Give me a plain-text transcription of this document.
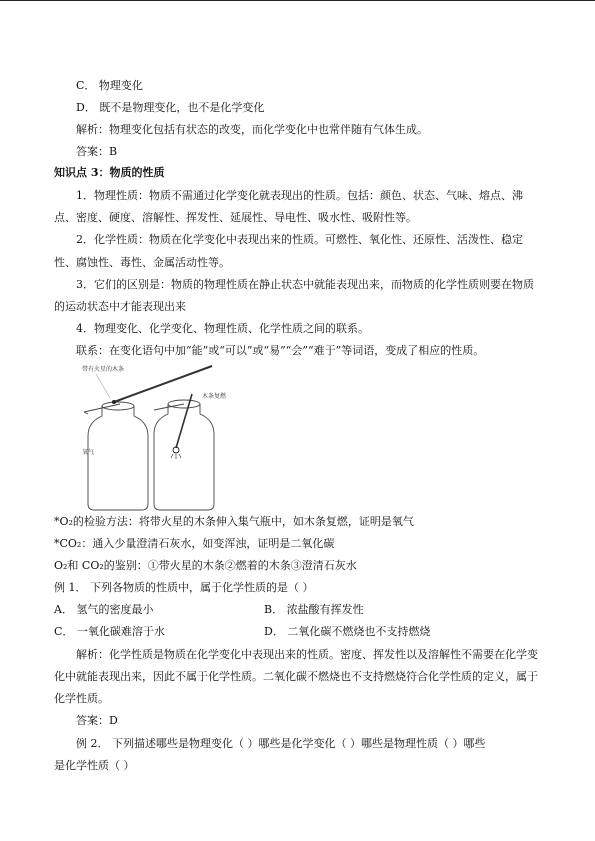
C． 物理变化
D． 既不是物理变化，也不是化学变化
解析：物理变化包括有状态的改变，而化学变化中也常伴随有气体生成。
答案：B
知识点 3：物质的性质
1．物理性质：物质不需通过化学变化就表现出的性质。包括：颜色、状态、气味、熔点、沸
点、密度、硬度、溶解性、挥发性、延展性、导电性、吸水性、吸附性等。
2．化学性质：物质在化学变化中表现出来的性质。可燃性、氧化性、还原性、活泼性、稳定
性、腐蚀性、毒性、金属活动性等。
3．它们的区别是：物质的物理性质在静止状态中就能表现出来，而物质的化学性质则要在物质
的运动状态中才能表现出来
4．物理变化、化学变化、物理性质、化学性质之间的联系。
联系：在变化语句中加“能”或“可以”或“易”“会”“难于”等词语，变成了相应的性质。
带有火星的木条
木条复燃
氧气
*O₂的检验方法：将带火星的木条伸入集气瓶中，如木条复燃，证明是氧气
*CO₂：通入少量澄清石灰水，如变浑浊，证明是二氧化碳
O₂和 CO₂的鉴别：①带火星的木条②燃着的木条③澄清石灰水
例 1． 下列各物质的性质中，属于化学性质的是（ ）
A． 氢气的密度最小	B． 浓盐酸有挥发性
C． 一氧化碳难溶于水	D． 二氧化碳不燃烧也不支持燃烧
解析：化学性质是物质在化学变化中表现出来的性质。密度、挥发性以及溶解性不需要在化学变
化中就能表现出来，因此不属于化学性质。二氧化碳不燃烧也不支持燃烧符合化学性质的定义，属于
化学性质。
答案：D
例 2． 下列描述哪些是物理变化（ ）哪些是化学变化（ ）哪些是物理性质（ ）哪些
是化学性质（ ）
